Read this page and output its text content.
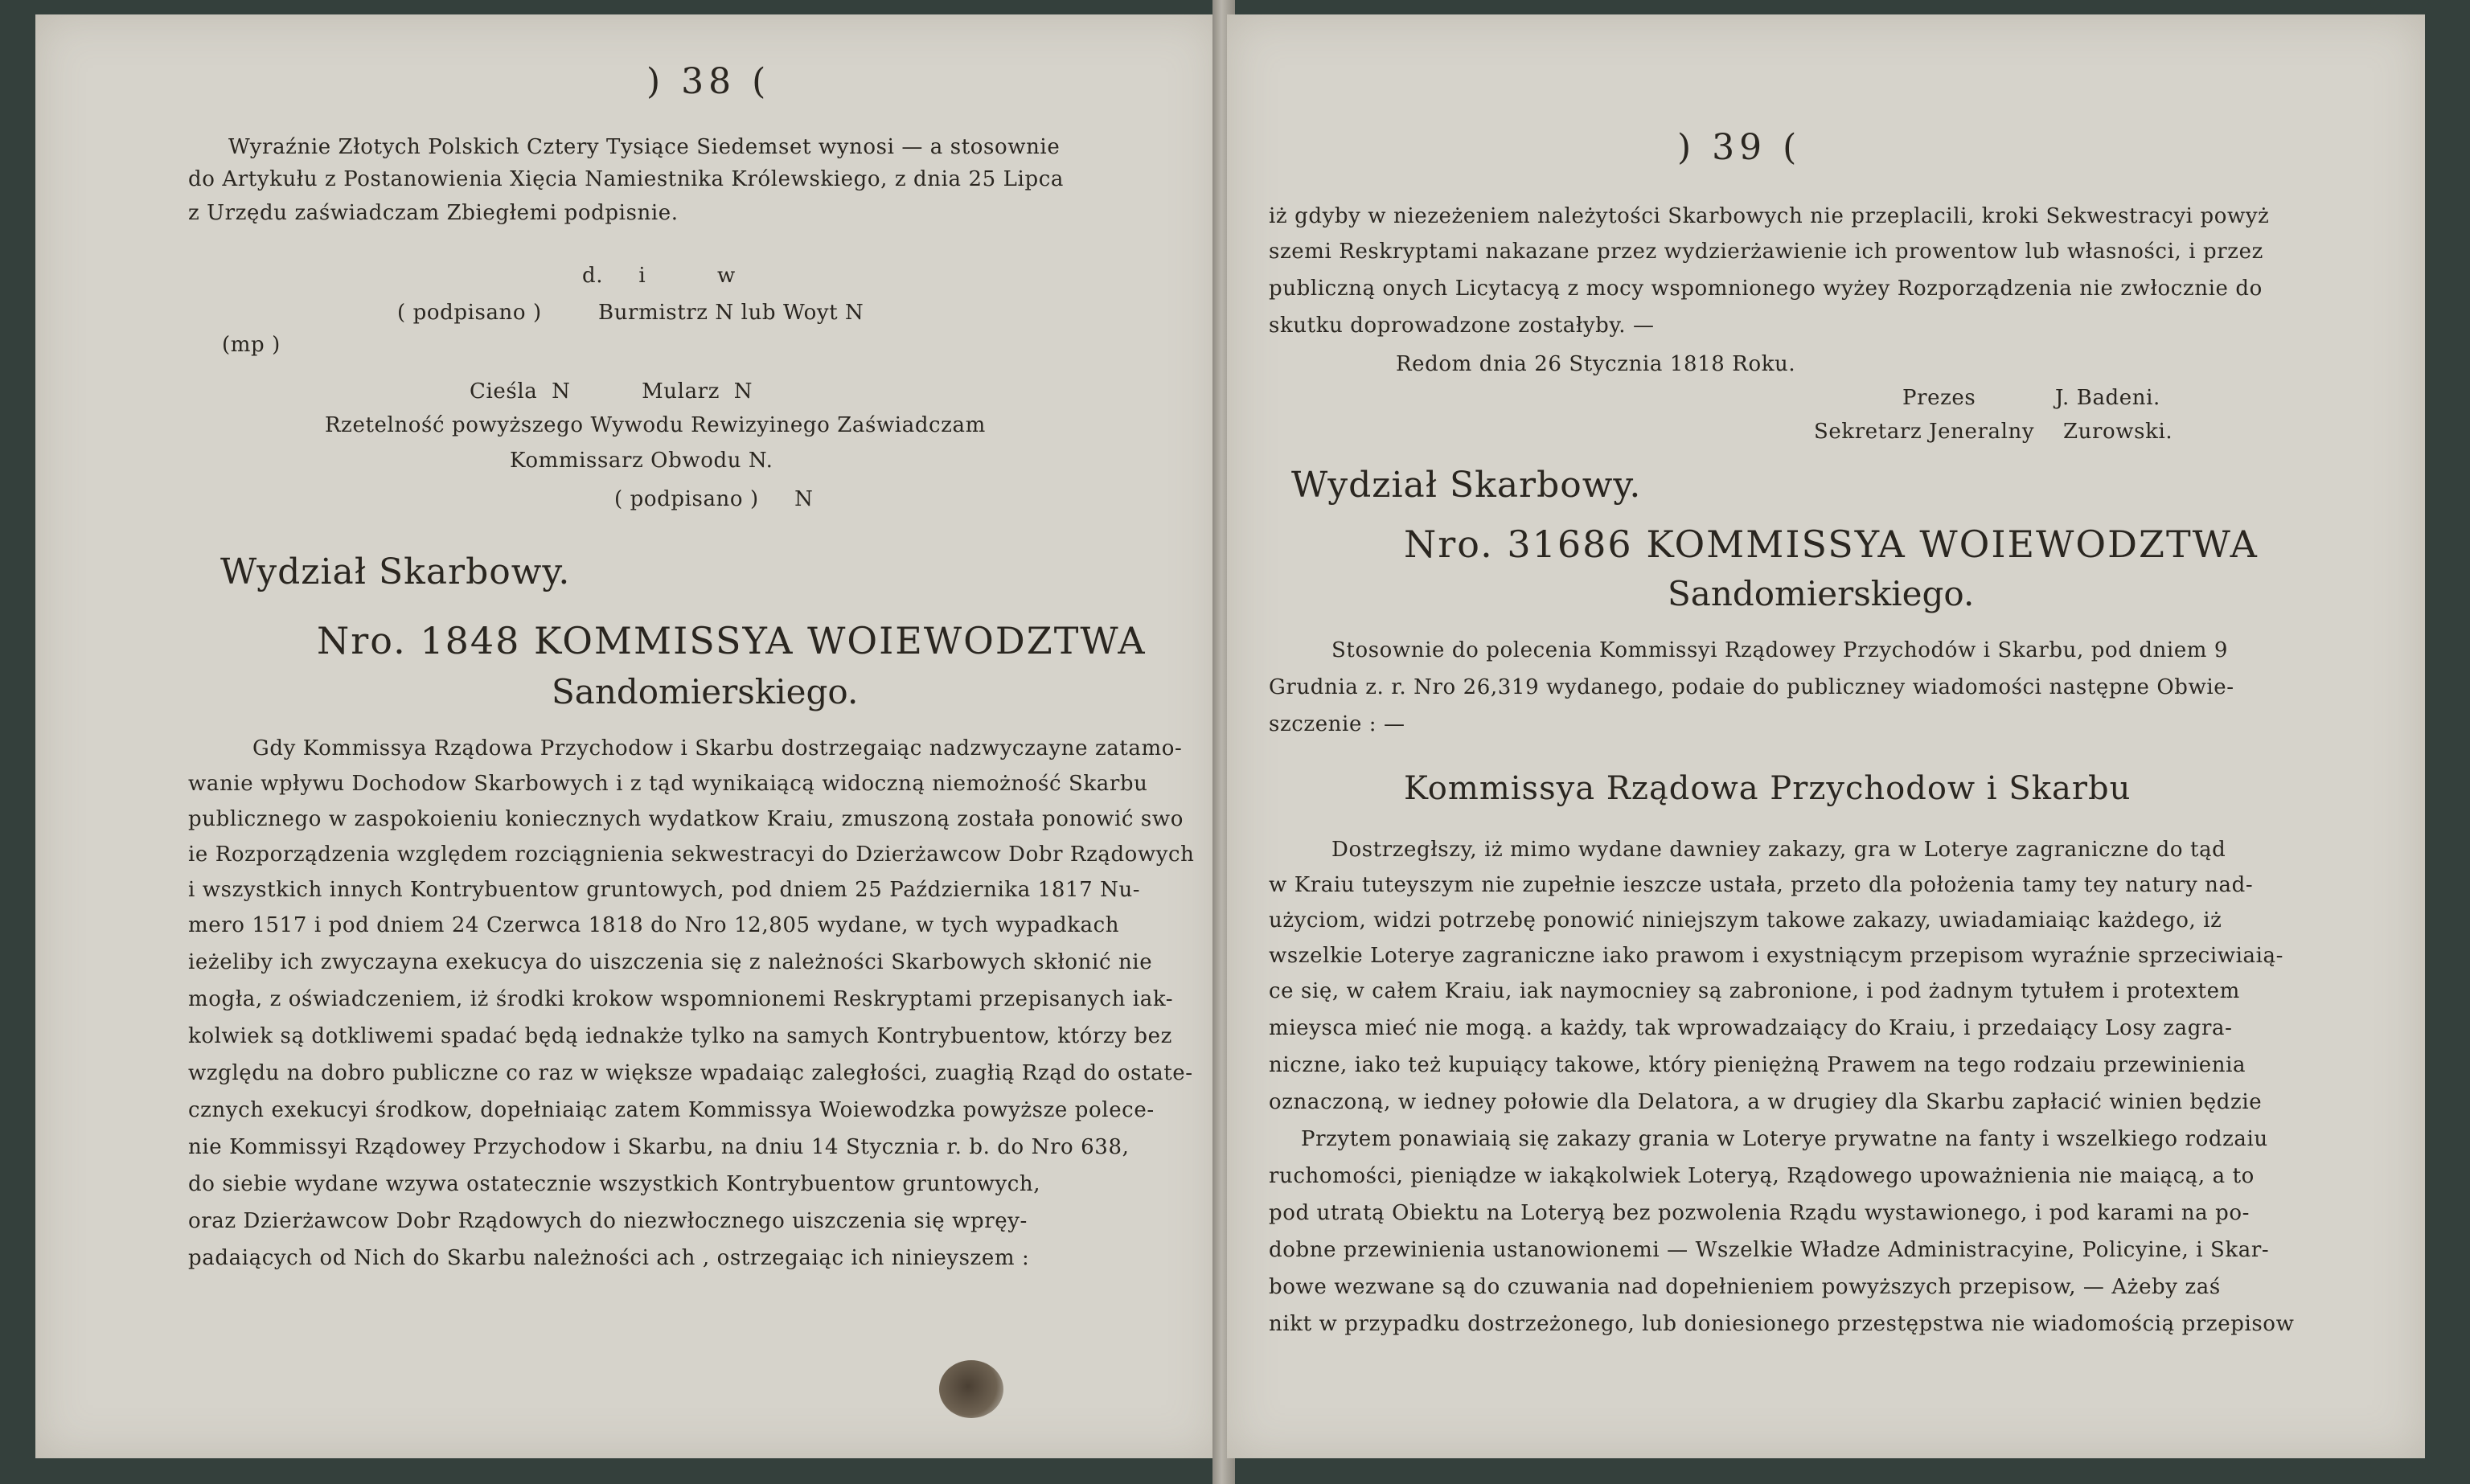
) 38 (
Wyraźnie Złotych Polskich Cztery Tysiące Siedemset wynosi — a stosownie
do Artykułu z Postanowienia Xięcia Namiestnika Królewskiego, z dnia 25 Lipca
z Urzędu zaświadczam Zbiegłemi podpisnie.
d.     i          w
( podpisano )	Burmistrz N lub Woyt N
(mp )
Cieśla  N          Mularz  N
Rzetelność powyższego Wywodu Rewizyinego Zaświadczam
Kommissarz Obwodu N.
( podpisano )     N
Wydział Skarbowy.
Nro. 1848 KOMMISSYA WOIEWODZTWA
Sandomierskiego.
Gdy Kommissya Rządowa Przychodow i Skarbu dostrzegaiąc nadzwyczayne zatamo-
wanie wpływu Dochodow Skarbowych i z tąd wynikaiącą widoczną niemożność Skarbu
publicznego w zaspokoieniu koniecznych wydatkow Kraiu, zmuszoną została ponowić swo
ie Rozporządzenia względem rozciągnienia sekwestracyi do Dzierżawcow Dobr Rządowych
i wszystkich innych Kontrybuentow gruntowych, pod dniem 25 Października 1817 Nu-
mero 1517 i pod dniem 24 Czerwca 1818 do Nro 12,805 wydane, w tych wypadkach
ieżeliby ich zwyczayna exekucya do uiszczenia się z należności Skarbowych skłonić nie
mogła, z oświadczeniem, iż środki krokow wspomnionemi Reskryptami przepisanych iak-
kolwiek są dotkliwemi spadać będą iednakże tylko na samych Kontrybuentow, którzy bez
względu na dobro publiczne co raz w większe wpadaiąc zaległości, zuagłią Rząd do ostate-
cznych exekucyi środkow, dopełniaiąc zatem Kommissya Woiewodzka powyższe polece-
nie Kommissyi Rządowey Przychodow i Skarbu, na dniu 14 Stycznia r. b. do Nro 638,
do siebie wydane wzywa ostatecznie wszystkich Kontrybuentow gruntowych,
oraz Dzierżawcow Dobr Rządowych do niezwłocznego uiszczenia się wpręy-
padaiących od Nich do Skarbu należności ach , ostrzegaiąc ich ninieyszem :
) 39 (
iż gdyby w niezeżeniem należytości Skarbowych nie przeplacili, kroki Sekwestracyi powyż
szemi Reskryptami nakazane przez wydzierżawienie ich prowentow lub własności, i przez
publiczną onych Licytacyą z mocy wspomnionego wyżey Rozporządzenia nie zwłocznie do
skutku doprowadzone zostałyby. —
Redom dnia 26 Stycznia 1818 Roku.
Prezes	J. Badeni.
Sekretarz Jeneralny Zurowski.
Wydział Skarbowy.
Nro. 31686 KOMMISSYA WOIEWODZTWA
Sandomierskiego.
Stosownie do polecenia Kommissyi Rządowey Przychodów i Skarbu, pod dniem 9
Grudnia z. r. Nro 26,319 wydanego, podaie do publiczney wiadomości następne Obwie-
szczenie : —
Kommissya Rządowa Przychodow i Skarbu
Dostrzegłszy, iż mimo wydane dawniey zakazy, gra w Loterye zagraniczne do tąd
w Kraiu tuteyszym nie zupełnie ieszcze ustała, przeto dla położenia tamy tey natury nad-
użyciom, widzi potrzebę ponowić niniejszym takowe zakazy, uwiadamiaiąc każdego, iż
wszelkie Loterye zagraniczne iako prawom i exystniącym przepisom wyraźnie sprzeciwiaią-
ce się, w całem Kraiu, iak naymocniey są zabronione, i pod żadnym tytułem i protextem
mieysca mieć nie mogą. a każdy, tak wprowadzaiący do Kraiu, i przedaiący Losy zagra-
niczne, iako też kupuiący takowe, który pieniężną Prawem na tego rodzaiu przewinienia
oznaczoną, w iedney połowie dla Delatora, a w drugiey dla Skarbu zapłacić winien będzie
Przytem ponawiaią się zakazy grania w Loterye prywatne na fanty i wszelkiego rodzaiu
ruchomości, pieniądze w iakąkolwiek Loteryą, Rządowego upoważnienia nie maiącą, a to
pod utratą Obiektu na Loteryą bez pozwolenia Rządu wystawionego, i pod karami na po-
dobne przewinienia ustanowionemi — Wszelkie Władze Administracyine, Policyine, i Skar-
bowe wezwane są do czuwania nad dopełnieniem powyższych przepisow, — Ażeby zaś
nikt w przypadku dostrzeżonego, lub doniesionego przestępstwa nie wiadomością przepisow
